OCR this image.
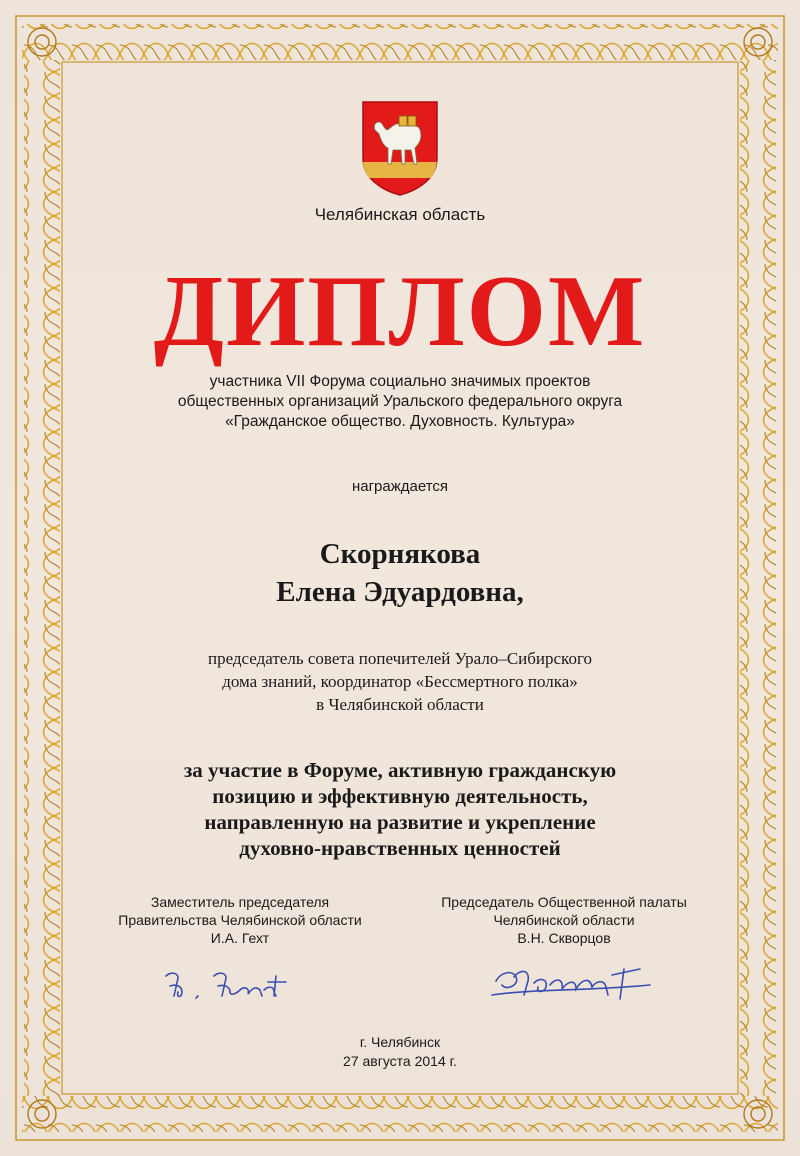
Челябинская область
ДИПЛОМ
участника VII Форума социально значимых проектов
общественных организаций Уральского федерального округа
«Гражданское общество. Духовность. Культура»
награждается
Скорнякова
Елена Эдуардовна,
председатель совета попечителей Урало–Сибирского
дома знаний, координатор «Бессмертного полка»
в Челябинской области
за участие в Форуме, активную гражданскую
позицию и эффективную деятельность,
направленную на развитие и укрепление
духовно-нравственных ценностей
Заместитель председателя
Правительства Челябинской области
И.А. Гехт
Председатель Общественной палаты
Челябинской области
В.Н. Скворцов
г. Челябинск
27 августа 2014 г.
